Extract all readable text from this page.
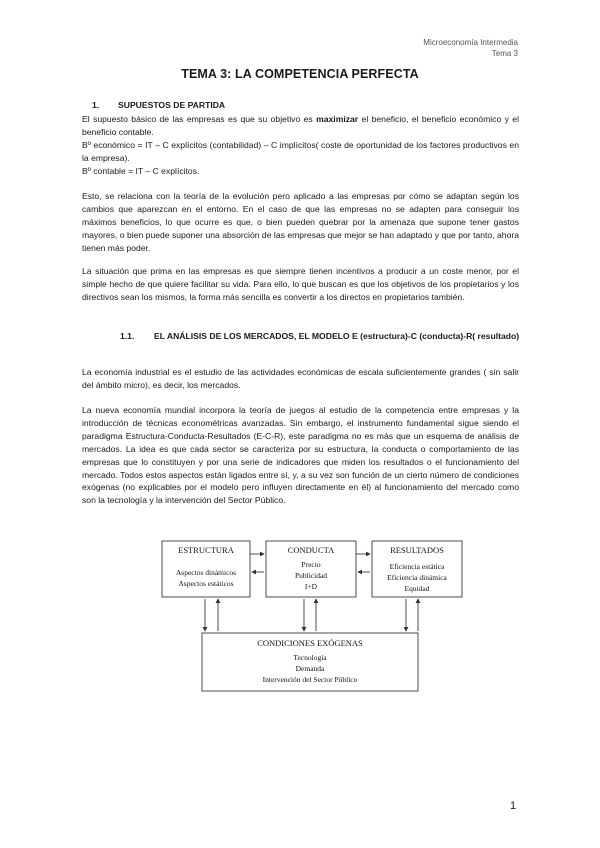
Microeconomía Intermedia
Tema 3
TEMA 3: LA COMPETENCIA PERFECTA
1. SUPUESTOS DE PARTIDA
El supuesto básico de las empresas es que su objetivo es maximizar el beneficio, el beneficio económico y el beneficio contable.
Bº económico = IT – C explícitos (contabilidad) – C implícitos( coste de oportunidad de los factores productivos en la empresa).
Bº contable = IT – C explícitos.

Esto, se relaciona con la teoría de la evolución pero aplicado a las empresas por cómo se adaptan según los cambios que aparezcan en el entorno. En el caso de que las empresas no se adapten para conseguir los máximos beneficios, lo que ocurre es que, o bien pueden quebrar por la amenaza que supone tener gastos mayores, o bien puede suponer una absorción de las empresas que mejor se han adaptado y que por tanto, ahora tienen más poder.

La situación que prima en las empresas es que siempre tienen incentivos a producir a un coste menor, por el simple hecho de que quiere facilitar su vida. Para ello, lo que buscan es que los objetivos de los propietarios y los directivos sean los mismos, la forma más sencilla es convertir a los directos en propietarios también.

1.1. EL ANÁLISIS DE LOS MERCADOS, EL MODELO E (estructura)-C (conducta)-R( resultado)

La economía industrial es el estudio de las actividades económicas de escala suficientemente grandes ( sin salir del ámbito micro), es decir, los mercados.

La nueva economía mundial incorpora la teoría de juegos al estudio de la competencia entre empresas y la introducción de técnicas econométricas avanzadas. Sin embargo, el instrumento fundamental sigue siendo el paradigma Estructura-Conducta-Resultados (E-C-R), este paradigma no es más que un esquema de análisis de mercados. La idea es que cada sector se caracteriza por su estructura, la conducta o comportamiento de las empresas que lo constituyen y por una serie de indicadores que miden los resultados o el funcionamiento del mercado. Todos estos aspectos están ligados entre sí, y, a su vez son función de un cierto número de condiciones exógenas (no explicables por el modelo pero influyen directamente en él) al funcionamiento del mercado como son la tecnología y la intervención del Sector Público.

ESTRUCTURA
Aspectos dinámicos
Aspectos estáticos
CONDUCTA
Precio
Publicidad
I+D
RESULTADOS
Eficiencia estática
Eficiencia dinámica
Equidad
CONDICIONES EXÓGENAS
Tecnología
Demanda
Intervención del Sector Público
1
